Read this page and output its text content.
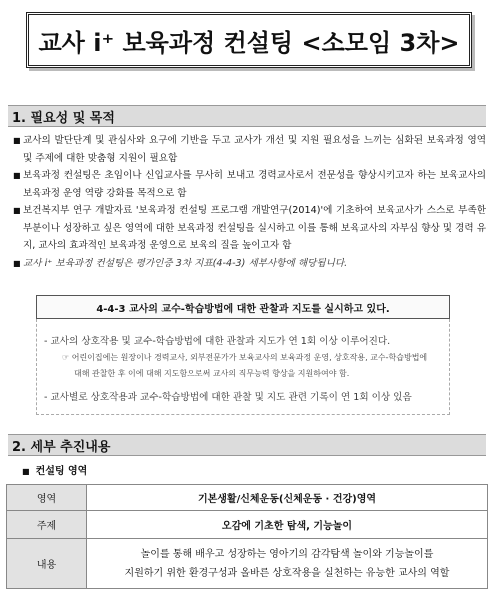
교사 i⁺ 보육과정 컨설팅 <소모임 3차>
1. 필요성 및 목적
■ 교사의 발단단계 및 관심사와 요구에 기반을 두고 교사가 개선 및 지원 필요성을 느끼는 심화된 보육과정 영역 및 주제에 대한 맞춤형 지원이 필요함
■ 보육과정 컨설팅은 초임이나 신입교사를 무사히 보내고 경력교사로서 전문성을 향상시키고자 하는 보육교사의 보육과정 운영 역량 강화를 목적으로 함
■ 보건복지부 연구 개발자료 '보육과정 컨설팅 프로그램 개발연구(2014)'에 기초하여 보육교사가 스스로 부족한 부분이나 성장하고 싶은 영역에 대한 보육과정 컨설팅을 실시하고 이를 통해 보육교사의 자부심 향상 및 경력 유지, 교사의 효과적인 보육과정 운영으로 보육의 질을 높이고자 함
■ 교사 i⁺ 보육과정 컨설팅은 평가인증 3차 지표(4-4-3) 세부사항에 해당됩니다.
4-4-3 교사의 교수-학습방법에 대한 관찰과 지도를 실시하고 있다.
- 교사의 상호작용 및 교수-학습방법에 대한 관찰과 지도가 연 1회 이상 이루어진다.
☞ 어린이집에는 원장이나 경력교사, 외부전문가가 보육교사의 보육과정 운영, 상호작용, 교수-학습방법에
대해 관찰한 후 이에 대해 지도함으로써 교사의 직무능력 향상을 지원하여야 함.
- 교사별로 상호작용과 교수-학습방법에 대한 관찰 및 지도 관련 기록이 연 1회 이상 있음
2. 세부 추진내용
■ 컨설팅 영역
영역	기본생활/신체운동(신체운동 · 건강)영역
주제	오감에 기초한 탐색, 기능놀이
내용	놀이를 통해 배우고 성장하는 영아기의 감각탐색 놀이와 기능놀이를
지원하기 위한 환경구성과 올바른 상호작용을 실천하는 유능한 교사의 역할
